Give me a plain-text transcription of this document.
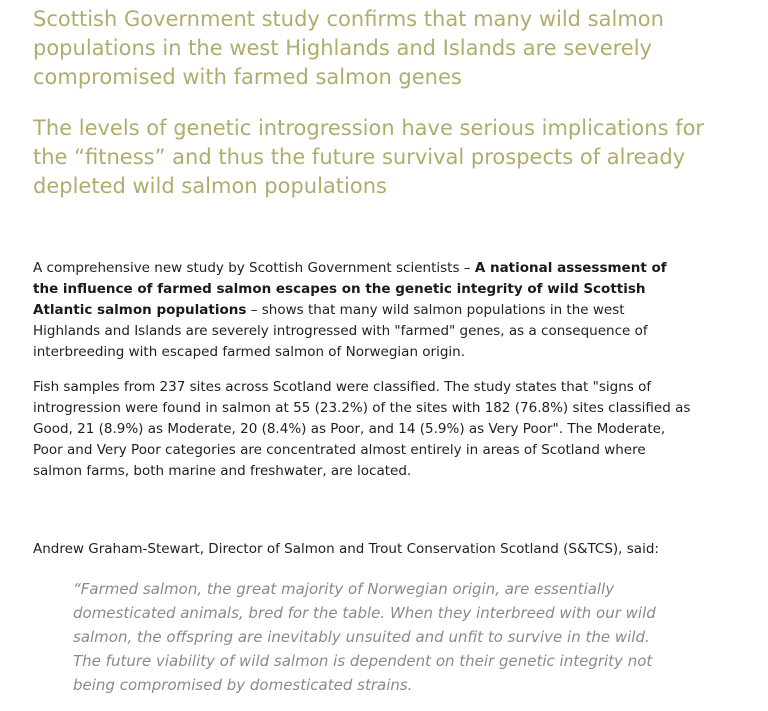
Scottish Government study confirms that many wild salmon populations in the west Highlands and Islands are severely compromised with farmed salmon genes
The levels of genetic introgression have serious implications for the “fitness” and thus the future survival prospects of already depleted wild salmon populations

A comprehensive new study by Scottish Government scientists – A national assessment of the influence of farmed salmon escapes on the genetic integrity of wild Scottish Atlantic salmon populations – shows that many wild salmon populations in the west Highlands and Islands are severely introgressed with "farmed" genes, as a consequence of interbreeding with escaped farmed salmon of Norwegian origin.

Fish samples from 237 sites across Scotland were classified. The study states that "signs of introgression were found in salmon at 55 (23.2%) of the sites with 182 (76.8%) sites classified as Good, 21 (8.9%) as Moderate, 20 (8.4%) as Poor, and 14 (5.9%) as Very Poor". The Moderate, Poor and Very Poor categories are concentrated almost entirely in areas of Scotland where salmon farms, both marine and freshwater, are located.

Andrew Graham-Stewart, Director of Salmon and Trout Conservation Scotland (S&TCS), said:

“Farmed salmon, the great majority of Norwegian origin, are essentially domesticated animals, bred for the table. When they interbreed with our wild salmon, the offspring are inevitably unsuited and unfit to survive in the wild. The future viability of wild salmon is dependent on their genetic integrity not being compromised by domesticated strains.
